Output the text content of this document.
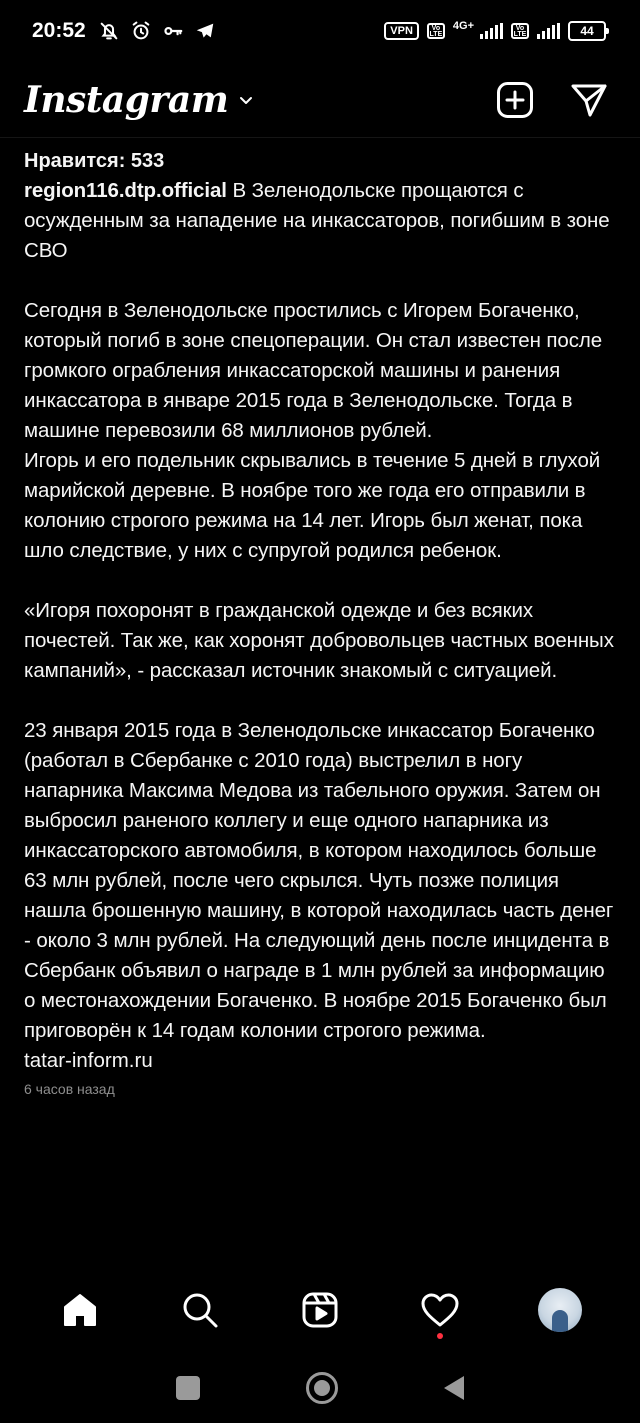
20:52	VPN	Vo LTE
4G+	Vo LTE	44
Instagram
Нравится: 533
region116.dtp.official В Зеленодольске прощаются с осужденным за нападение на инкассаторов, погибшим в зоне СВО

Сегодня в Зеленодольске простились с Игорем Богаченко, который погиб в зоне спецоперации. Он стал известен после громкого ограбления инкассаторской машины и ранения инкассатора в январе 2015 года в Зеленодольске. Тогда в машине перевозили 68 миллионов рублей.
Игорь и его подельник скрывались в течение 5 дней в глухой марийской деревне. В ноябре того же года его отправили в колонию строгого режима на 14 лет. Игорь был женат, пока шло следствие, у них с супругой родился ребенок.

«Игоря похоронят в гражданской одежде и без всяких почестей. Так же, как хоронят добровольцев частных военных кампаний», - рассказал источник знакомый с ситуацией.

23 января 2015 года в Зеленодольске инкассатор Богаченко (работал в Сбербанке с 2010 года) выстрелил в ногу напарника Максима Медова из табельного оружия. Затем он выбросил раненого коллегу и еще одного напарника из инкассаторского автомобиля, в котором находилось больше 63 млн рублей, после чего скрылся. Чуть позже полиция нашла брошенную машину, в которой находилась часть денег - около 3 млн рублей. На следующий день после инцидента в Сбербанк объявил о награде в 1 млн рублей за информацию о местонахождении Богаченко. В ноябре 2015 Богаченко был приговорён к 14 годам колонии строгого режима.
tatar-inform.ru
6 часов назад
